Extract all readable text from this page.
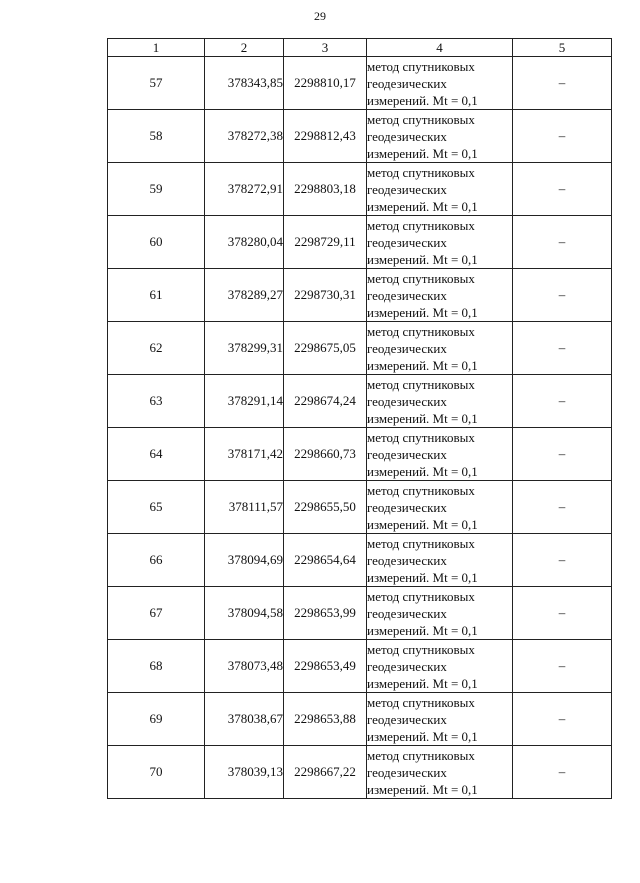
29
1	2	3	4	5
57	378343,85	2298810,17	метод спутниковых
геодезических
измерений. Mt = 0,1	–
58	378272,38	2298812,43	метод спутниковых
геодезических
измерений. Mt = 0,1	–
59	378272,91	2298803,18	метод спутниковых
геодезических
измерений. Mt = 0,1	–
60	378280,04	2298729,11	метод спутниковых
геодезических
измерений. Mt = 0,1	–
61	378289,27	2298730,31	метод спутниковых
геодезических
измерений. Mt = 0,1	–
62	378299,31	2298675,05	метод спутниковых
геодезических
измерений. Mt = 0,1	–
63	378291,14	2298674,24	метод спутниковых
геодезических
измерений. Mt = 0,1	–
64	378171,42	2298660,73	метод спутниковых
геодезических
измерений. Mt = 0,1	–
65	378111,57	2298655,50	метод спутниковых
геодезических
измерений. Mt = 0,1	–
66	378094,69	2298654,64	метод спутниковых
геодезических
измерений. Mt = 0,1	–
67	378094,58	2298653,99	метод спутниковых
геодезических
измерений. Mt = 0,1	–
68	378073,48	2298653,49	метод спутниковых
геодезических
измерений. Mt = 0,1	–
69	378038,67	2298653,88	метод спутниковых
геодезических
измерений. Mt = 0,1	–
70	378039,13	2298667,22	метод спутниковых
геодезических
измерений. Mt = 0,1	–
